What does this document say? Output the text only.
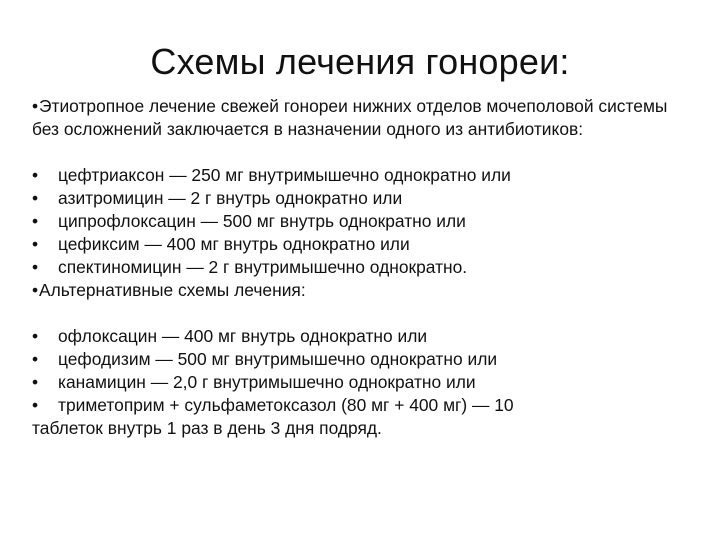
Схемы лечения гонореи:
• Этиотропное лечение свежей гонореи нижних отделов мочеполовой системы без осложнений заключается в назначении одного из антибиотиков:
• цефтриаксон — 250 мг внутримышечно однократно или
• азитромицин — 2 г внутрь однократно или
• ципрофлоксацин — 500 мг внутрь однократно или
• цефиксим — 400 мг внутрь однократно или
• спектиномицин — 2 г внутримышечно однократно.
• Альтернативные схемы лечения:
• офлоксацин — 400 мг внутрь однократно или
• цефодизим — 500 мг внутримышечно однократно или
• канамицин — 2,0 г внутримышечно однократно или
• триметоприм + сульфаметоксазол (80 мг + 400 мг) — 10
таблеток внутрь 1 раз в день 3 дня подряд.
